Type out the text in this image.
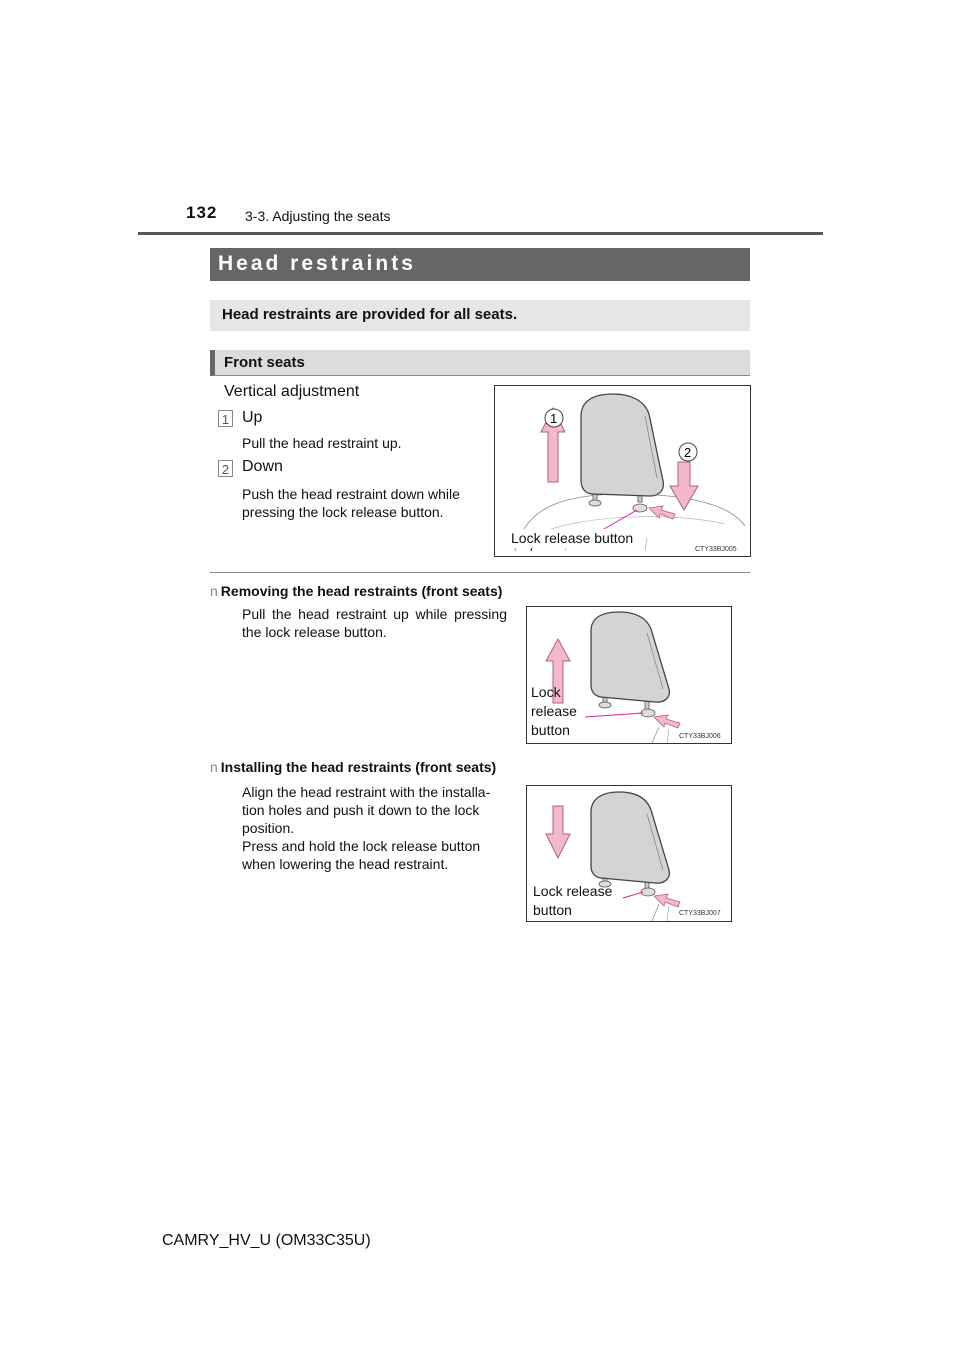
132 3-3. Adjusting the seats
Head restraints
Head restraints are provided for all seats.
Front seats
Vertical adjustment
1 Up
Pull the head restraint up.
2 Down
Push the head restraint down while pressing the lock release button.
1
2
Lock release button
CTY33BJ005
n Removing the head restraints (front seats)
Pull the head restraint up while pressing the lock release button.
Lock
release
button	CTY33BJ006
n Installing the head restraints (front seats)
Align the head restraint with the installa-
tion holes and push it down to the lock
position.
Press and hold the lock release button
when lowering the head restraint.
Lock release
button	CTY33BJ007
CAMRY_HV_U (OM33C35U)
